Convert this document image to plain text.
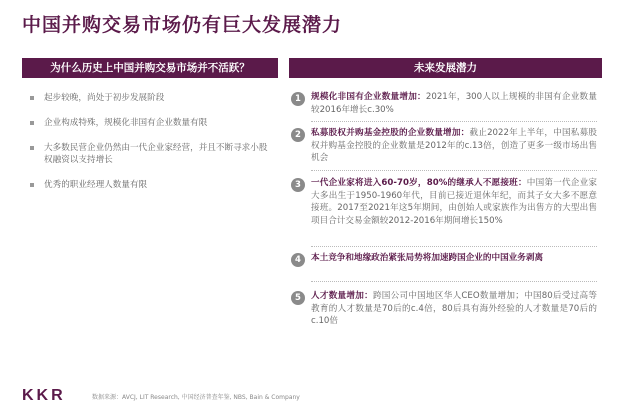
中国并购交易市场仍有巨大发展潜力
为什么历史上中国并购交易市场并不活跃？	未来发展潜力
起步较晚，尚处于初步发展阶段
企业构成特殊，规模化非国有企业数量有限
大多数民营企业仍然由一代企业家经营，并且不断寻求小股权融资以支持增长
优秀的职业经理人数量有限
1	规模化非国有企业数量增加：2021年，300人以上规模的非国有企业数量较2016年增长c.30%
2	私募股权并购基金控股的企业数量增加：截止2022年上半年，中国私募股权并购基金控股的企业数量是2012年的c.13倍，创造了更多一级市场出售机会
3	一代企业家将进入60-70岁，80%的继承人不愿接班：中国第一代企业家大多出生于1950-1960年代，目前已接近退休年纪，而其子女大多不愿意接班。2017至2021年这5年期间，由创始人或家族作为出售方的大型出售项目合计交易金额较2012-2016年期间增长150%
4	本土竞争和地缘政治紧张局势将加速跨国企业的中国业务剥离
5	人才数量增加：跨国公司中国地区华人CEO数量增加；中国80后受过高等教育的人才数量是70后的c.4倍，80后具有海外经验的人才数量是70后的c.10倍
KKR	数据来源：AVCJ, LIT Research, 中国经济普查年鉴, NBS, Bain & Company
